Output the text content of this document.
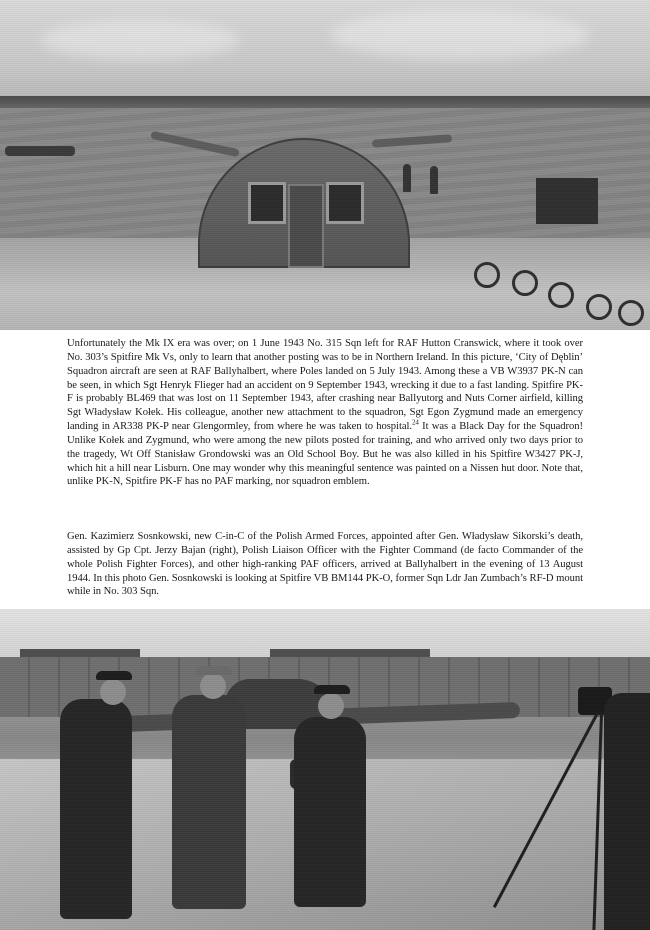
Unfortunately the Mk IX era was over; on 1 June 1943 No. 315 Sqn left for RAF Hutton Cranswick, where it took over No. 303’s Spitfire Mk Vs, only to learn that another posting was to be in Northern Ireland. In this picture, ‘City of Dęblin’ Squadron aircraft are seen at RAF Ballyhalbert, where Poles landed on 5 July 1943. Among these a VB W3937 PK-N can be seen, in which Sgt Henryk Flieger had an accident on 9 September 1943, wrecking it due to a fast landing. Spitfire PK-F is probably BL469 that was lost on 11 September 1943, after crashing near Ballyutorg and Nuts Corner airfield, killing Sgt Władysław Kołek. His colleague, another new attachment to the squadron, Sgt Egon Zygmund made an emergency landing in AR338 PK-P near Glengormley, from where he was taken to hospital.$^{24}$ It was a Black Day for the Squadron! Unlike Kołek and Zygmund, who were among the new pilots posted for training, and who arrived only two days prior to the tragedy, Wt Off Stanisław Grondowski was an Old School Boy. But he was also killed in his Spitfire W3427 PK-J, which hit a hill near Lisburn. One may wonder why this meaningful sentence was painted on a Nissen hut door. Note that, unlike PK-N, Spitfire PK-F has no PAF marking, nor squadron emblem.

Gen. Kazimierz Sosnkowski, new C-in-C of the Polish Armed Forces, appointed after Gen. Władysław Sikorski’s death, assisted by Gp Cpt. Jerzy Bajan (right), Polish Liaison Officer with the Fighter Command (de facto Commander of the whole Polish Fighter Forces), and other high-ranking PAF officers, arrived at Ballyhalbert in the evening of 13 August 1944. In this photo Gen. Sosnkowski is looking at Spitfire VB BM144 PK-O, former Sqn Ldr Jan Zumbach’s RF-D mount while in No. 303 Sqn.
